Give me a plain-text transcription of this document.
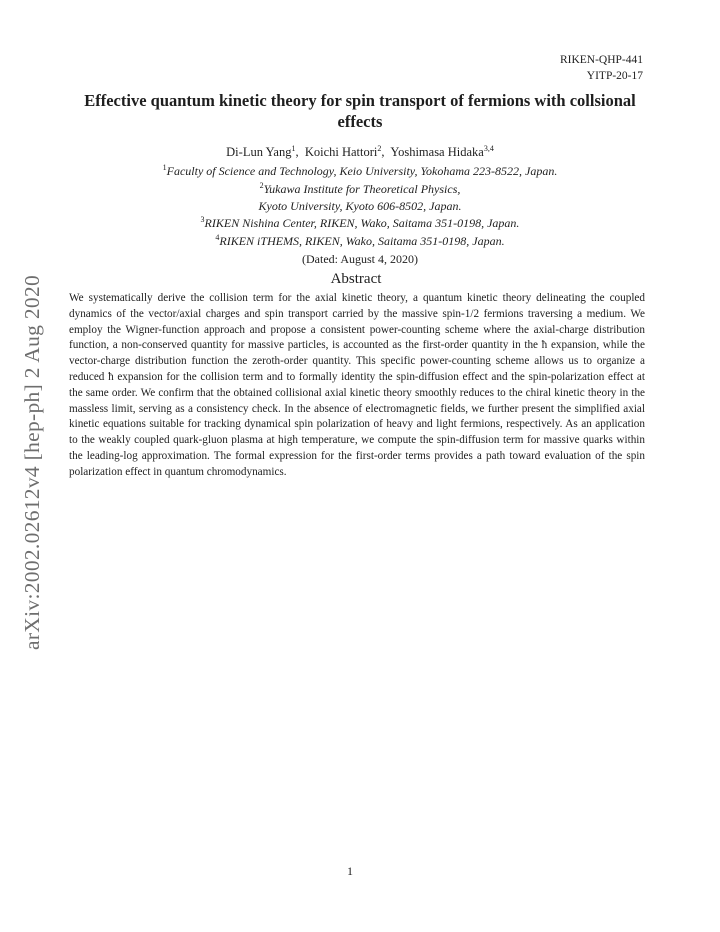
RIKEN-QHP-441
YITP-20-17
Effective quantum kinetic theory for spin transport of fermions with collsional effects
Di-Lun Yang$^1$,  Koichi Hattori$^2$,  Yoshimasa Hidaka$^{3,4}$
$^1$Faculty of Science and Technology, Keio University, Yokohama 223-8522, Japan.
$^2$Yukawa Institute for Theoretical Physics,
Kyoto University, Kyoto 606-8502, Japan.
$^3$RIKEN Nishina Center, RIKEN, Wako, Saitama 351-0198, Japan.
$^4$RIKEN iTHEMS, RIKEN, Wako, Saitama 351-0198, Japan.
(Dated: August 4, 2020)
Abstract
We systematically derive the collision term for the axial kinetic theory, a quantum kinetic theory delineating the coupled dynamics of the vector/axial charges and spin transport carried by the massive spin-1/2 fermions traversing a medium. We employ the Wigner-function approach and propose a consistent power-counting scheme where the axial-charge distribution function, a non-conserved quantity for massive particles, is accounted as the first-order quantity in the ħ expansion, while the vector-charge distribution function the zeroth-order quantity. This specific power-counting scheme allows us to organize a reduced ħ expansion for the collision term and to formally identity the spin-diffusion effect and the spin-polarization effect at the same order. We confirm that the obtained collisional axial kinetic theory smoothly reduces to the chiral kinetic theory in the massless limit, serving as a consistency check. In the absence of electromagnetic fields, we further present the simplified axial kinetic equations suitable for tracking dynamical spin polarization of heavy and light fermions, respectively. As an application to the weakly coupled quark-gluon plasma at high temperature, we compute the spin-diffusion term for massive quarks within the leading-log approximation. The formal expression for the first-order terms provides a path toward evaluation of the spin polarization effect in quantum chromodynamics.
1
arXiv:2002.02612v4 [hep-ph] 2 Aug 2020
